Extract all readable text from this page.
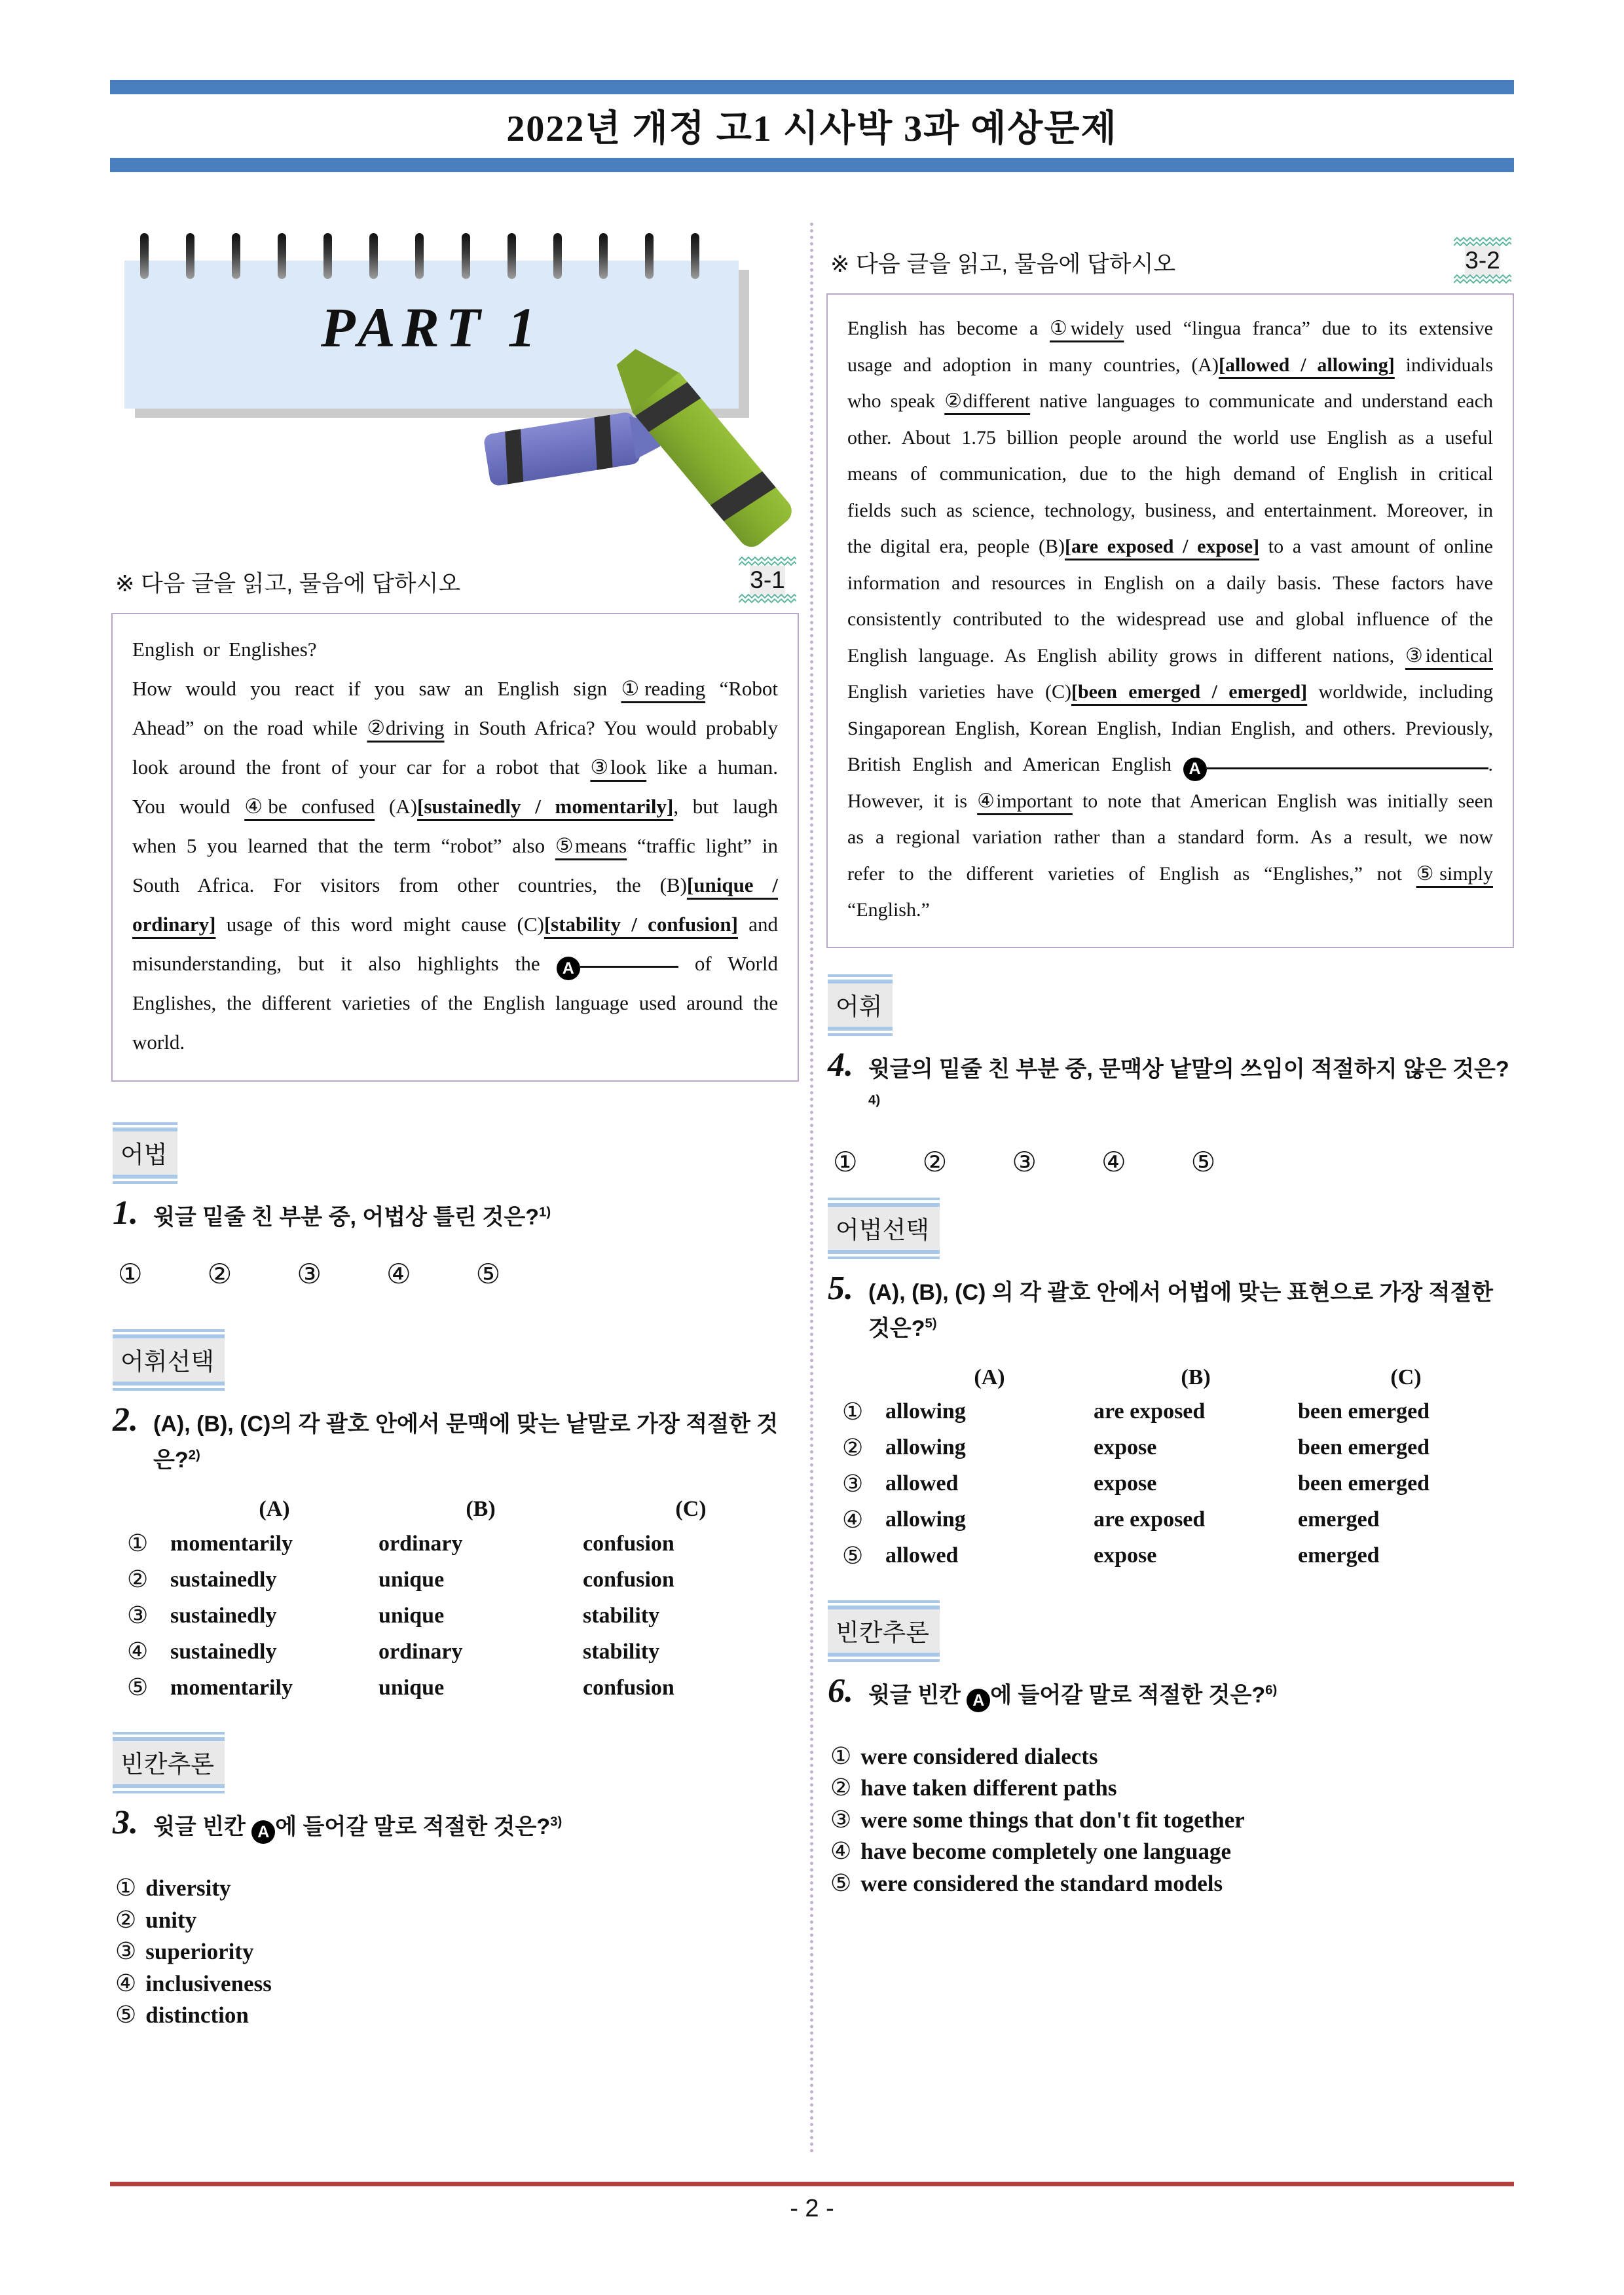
2022년 개정 고1 시사박 3과 예상문제
PART 1
※ 다음 글을 읽고, 물음에 답하시오	3-1
English or Englishes?
How would you react if you saw an English sign ①reading “Robot Ahead” on the road while ②driving in South Africa? You would probably look around the front of your car for a robot that ③look like a human. You would ④be confused (A)[sustainedly / momentarily], but laugh when 5 you learned that the term “robot” also ⑤means “traffic light” in South Africa. For visitors from other countries, the (B)[unique / ordinary] usage of this word might cause (C)[stability / confusion] and misunderstanding, but it also highlights the A	of World Englishes, the different varieties of the English language used around the world.
어법
1. 윗글 밑줄 친 부분 중, 어법상 틀린 것은?$^{1)}$
① ② ③ ④ ⑤
어휘선택
2. (A), (B), (C)의 각 괄호 안에서 문맥에 맞는 낱말로 가장 적절한 것은?$^{2)}$
	(A)	(B)	(C)
①	momentarily	ordinary	confusion
②	sustainedly	unique	confusion
③	sustainedly	unique	stability
④	sustainedly	ordinary	stability
⑤	momentarily	unique	confusion
빈칸추론
3. 윗글 빈칸 A 에 들어갈 말로 적절한 것은?$^{3)}$
① diversity
② unity
③ superiority
④ inclusiveness
⑤ distinction
※ 다음 글을 읽고, 물음에 답하시오	3-2
English has become a ①widely used “lingua franca” due to its extensive usage and adoption in many countries, (A)[allowed / allowing] individuals who speak ②different native languages to communicate and understand each other. About 1.75 billion people around the world use English as a useful means of communication, due to the high demand of English in critical fields such as science, technology, business, and entertainment. Moreover, in the digital era, people (B)[are exposed / expose] to a vast amount of online information and resources in English on a daily basis. These factors have consistently contributed to the widespread use and global influence of the English language. As English ability grows in different nations, ③identical English varieties have (C)[been emerged / emerged] worldwide, including Singaporean English, Korean English, Indian English, and others. Previously, British English and American English A	. However, it is ④important to note that American English was initially seen as a regional variation rather than a standard form. As a result, we now refer to the different varieties of English as “Englishes,” not ⑤simply “English.”
어휘
4. 윗글의 밑줄 친 부분 중, 문맥상 낱말의 쓰임이 적절하지 않은 것은?$^{4)}$
① ② ③ ④ ⑤
어법선택
5. (A), (B), (C) 의 각 괄호 안에서 어법에 맞는 표현으로 가장 적절한 것은?$^{5)}$
	(A)	(B)	(C)
①	allowing	are exposed	been emerged
②	allowing	expose	been emerged
③	allowed	expose	been emerged
④	allowing	are exposed	emerged
⑤	allowed	expose	emerged
빈칸추론
6. 윗글 빈칸 A 에 들어갈 말로 적절한 것은?$^{6)}$
① were considered dialects
② have taken different paths
③ were some things that don't fit together
④ have become completely one language
⑤ were considered the standard models
- 2 -
